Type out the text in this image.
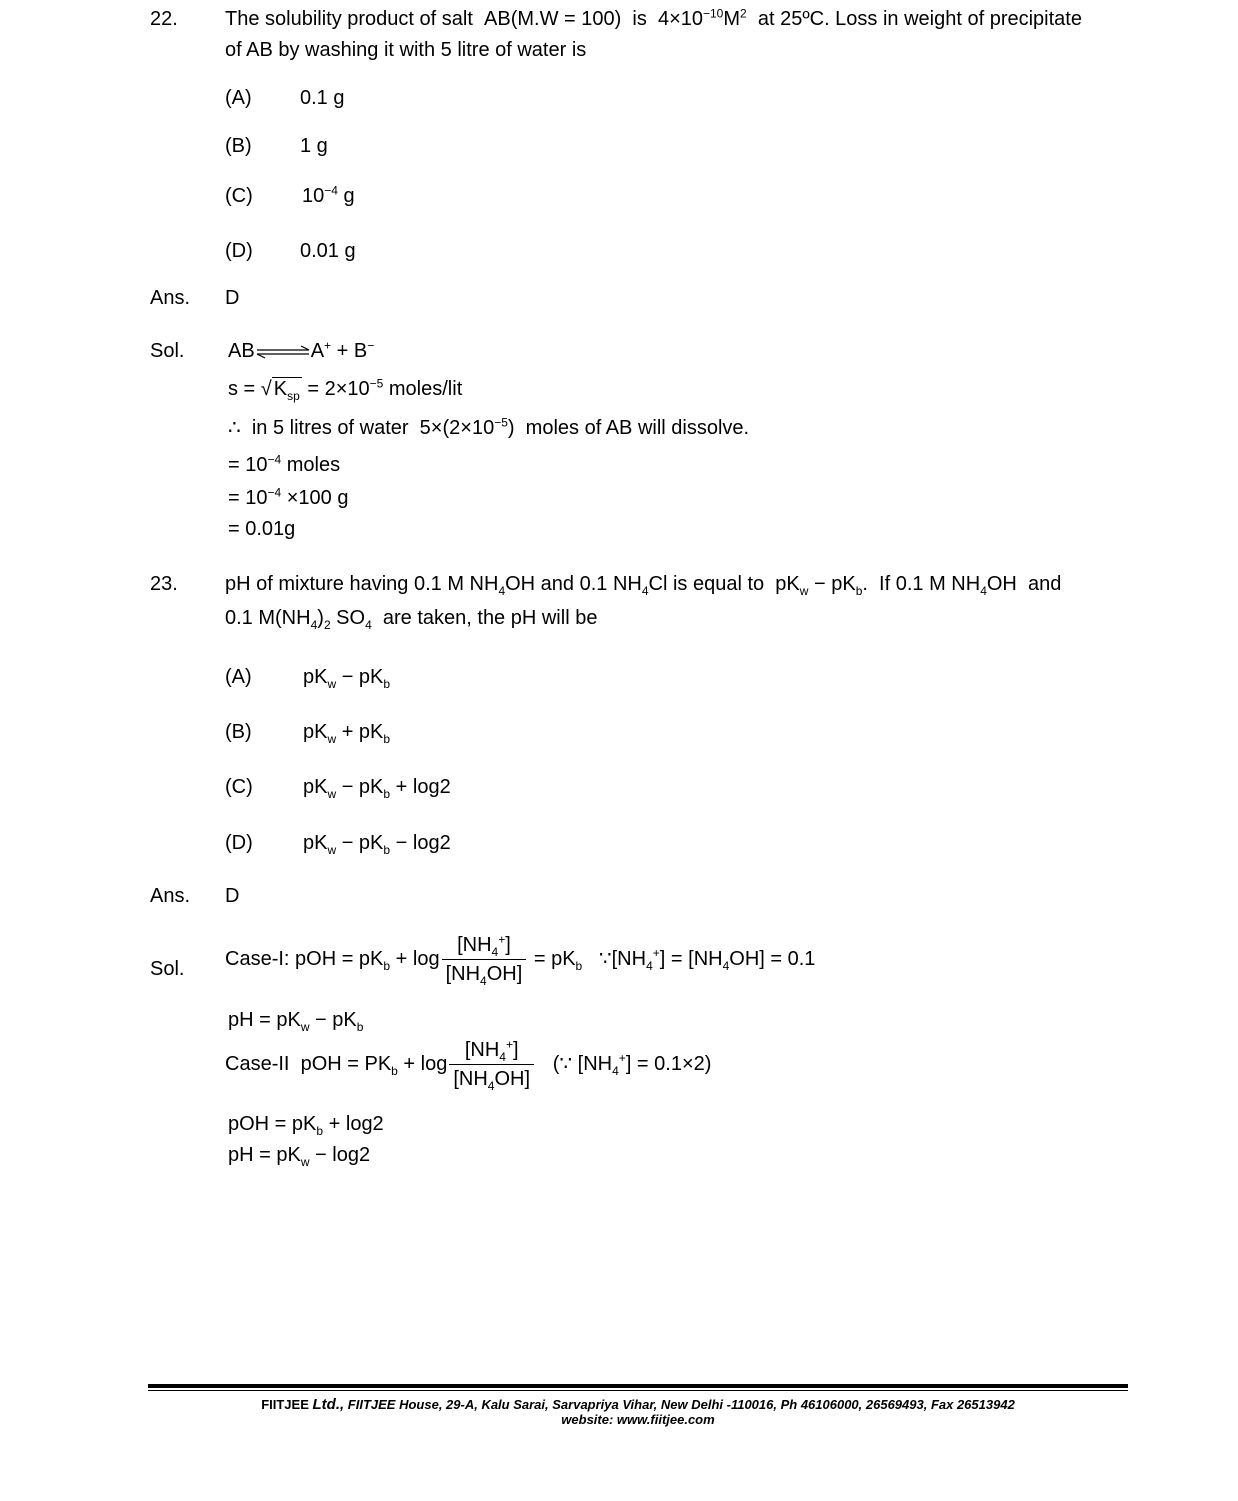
22. The solubility product of salt  AB(M.W = 100)  is  $4\times 10^{-10}M^2$  at 25ºC. Loss in weight of precipitate
of AB by washing it with 5 litre of water is
(A) 0.1 g
(B) 1 g
(C) $10^{-4}$ g
(D) 0.01 g
Ans. D
Sol. AB⇌A+ + B−
s = √ $K_{sp} = 2\times 10^{-5}$ moles/lit
∴  in 5 litres of water  $5\times(2\times 10^{-5})$  moles of AB will dissolve.
= $10^{-4}$ moles
= $10^{-4} \times 100$ g
= 0.01g
23. pH of mixture having 0.1 M $NH_4OH$ and 0.1 $NH_4Cl$ is equal to  $pK_w - pK_b$.  If 0.1 M $NH_4OH$  and
0.1 $M(NH_4)_2$ $SO_4$  are taken, the pH will be
(A)	$pK_w - pK_b$
(B)	$pK_w + pK_b$
(C)	$pK_w - pK_b + \log 2$
(D)	$pK_w - pK_b - \log 2$
Ans. D
Sol. Case-I: pOH = $pK_b + \log \frac{[NH_4^+]}{[NH_4OH]} = pK_b$   $\because[NH_4^+] = [NH_4OH] = 0.1$
pH = $pK_w - pK_b$
Case-II  pOH = $PK_b + \log \frac{[NH_4^+]}{[NH_4OH]}$ (∵ $[NH_4^+] = 0.1\times 2$)
pOH = $pK_b + \log 2$
pH = $pK_w - \log 2$
FIITJEE Ltd., FIITJEE House, 29-A, Kalu Sarai, Sarvapriya Vihar, New Delhi -110016, Ph 46106000, 26569493, Fax 26513942
website: www.fiitjee.com
